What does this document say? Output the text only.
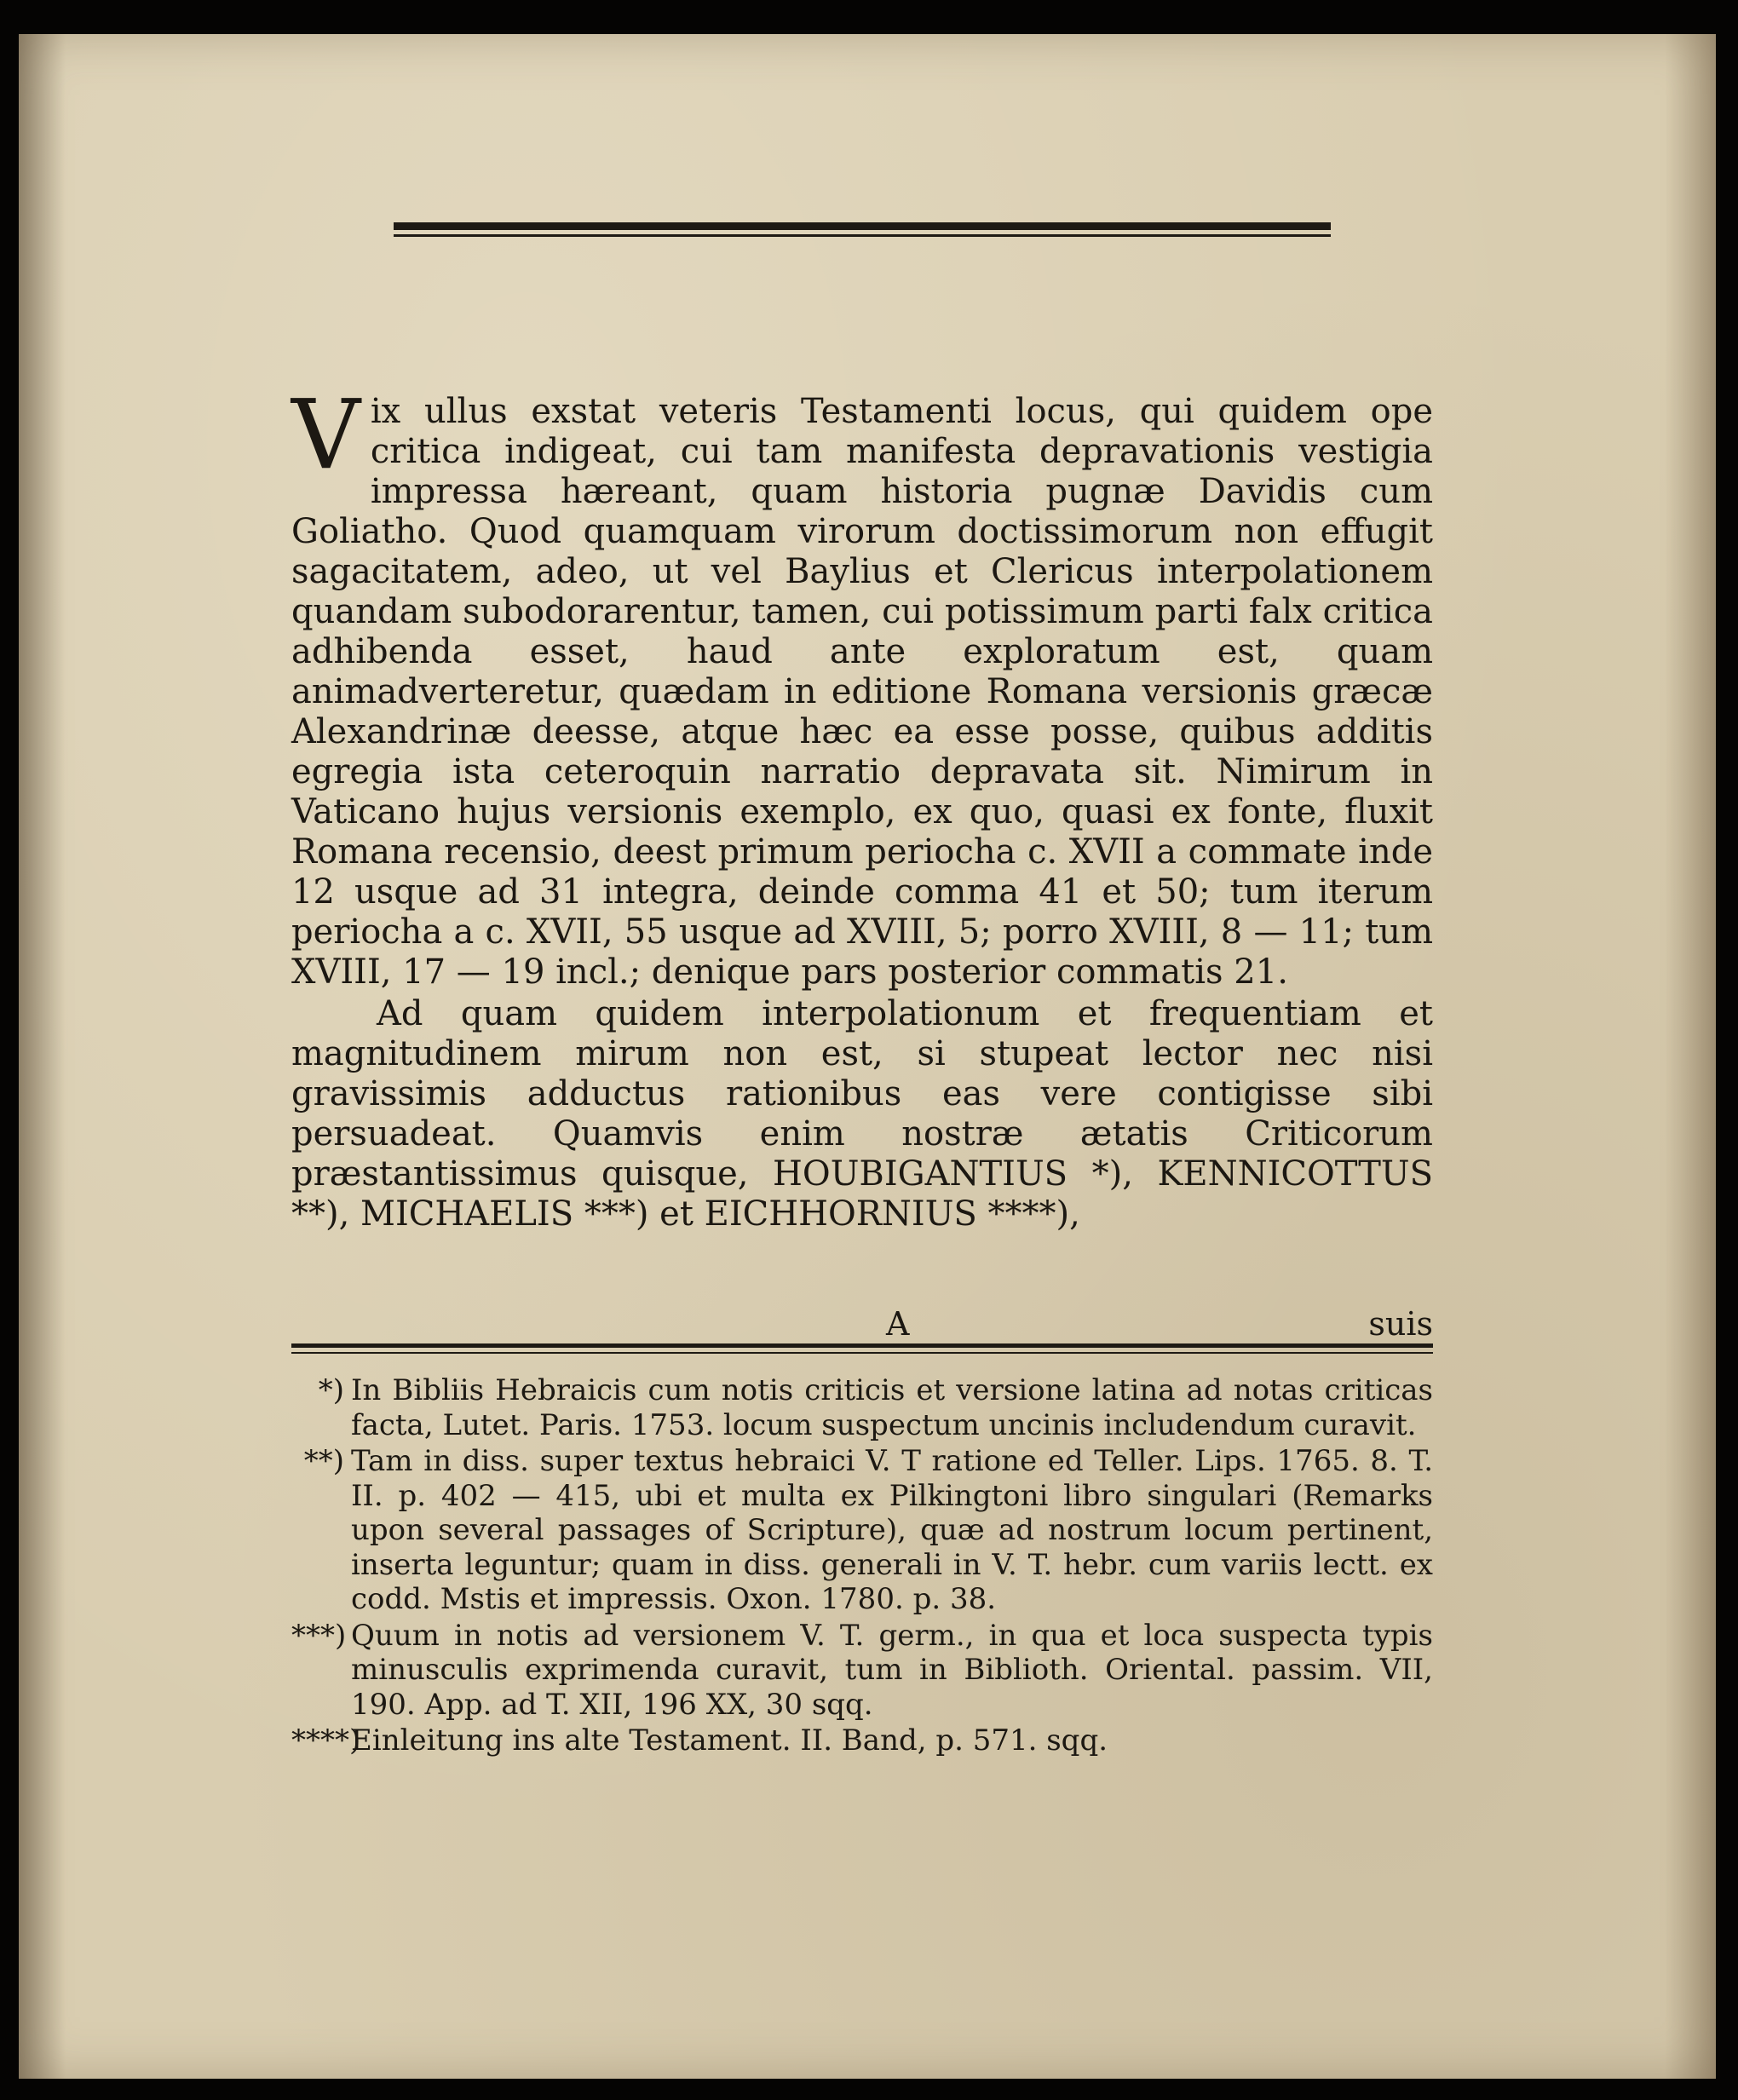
Vix ullus exstat veteris Testamenti locus, qui quidem ope critica indigeat, cui tam manifesta depravationis vestigia impressa hæreant, quam historia pugnæ Davidis cum Goliatho. Quod quamquam virorum doctissimorum non effugit sagacitatem, adeo, ut vel Baylius et Clericus interpolationem quandam subodorarentur, tamen, cui potissimum parti falx critica adhibenda esset, haud ante exploratum est, quam animadverteretur, quædam in editione Romana versionis græcæ Alexandrinæ deesse, atque hæc ea esse posse, quibus additis egregia ista ceteroquin narratio depravata sit. Nimirum in Vaticano hujus versionis exemplo, ex quo, quasi ex fonte, fluxit Romana recensio, deest primum periocha c. XVII a commate inde 12 usque ad 31 integra, deinde comma 41 et 50; tum iterum periocha a c. XVII, 55 usque ad XVIII, 5; porro XVIII, 8 — 11; tum XVIII, 17 — 19 incl.; denique pars posterior commatis 21.

Ad quam quidem interpolationum et frequentiam et magnitudinem mirum non est, si stupeat lector nec nisi gravissimis adductus rationibus eas vere contigisse sibi persuadeat. Quamvis enim nostræ ætatis Criticorum præstantissimus quisque, HOUBIGANTIUS *), KENNICOTTUS **), MICHAELIS ***) et EICHHORNIUS ****),

A	suis

*) In Bibliis Hebraicis cum notis criticis et versione latina ad notas criticas facta, Lutet. Paris. 1753. locum suspectum uncinis includendum curavit.

**) Tam in diss. super textus hebraici V. T ratione ed Teller. Lips. 1765. 8. T. II. p. 402 — 415, ubi et multa ex Pilkingtoni libro singulari (Remarks upon several passages of Scripture), quæ ad nostrum locum pertinent, inserta leguntur; quam in diss. generali in V. T. hebr. cum variis lectt. ex codd. Mstis et impressis. Oxon. 1780. p. 38.

***) Quum in notis ad versionem V. T. germ., in qua et loca suspecta typis minusculis exprimenda curavit, tum in Biblioth. Oriental. passim. VII, 190. App. ad T. XII, 196 XX, 30 sqq.

****)Einleitung ins alte Testament. II. Band, p. 571. sqq.
